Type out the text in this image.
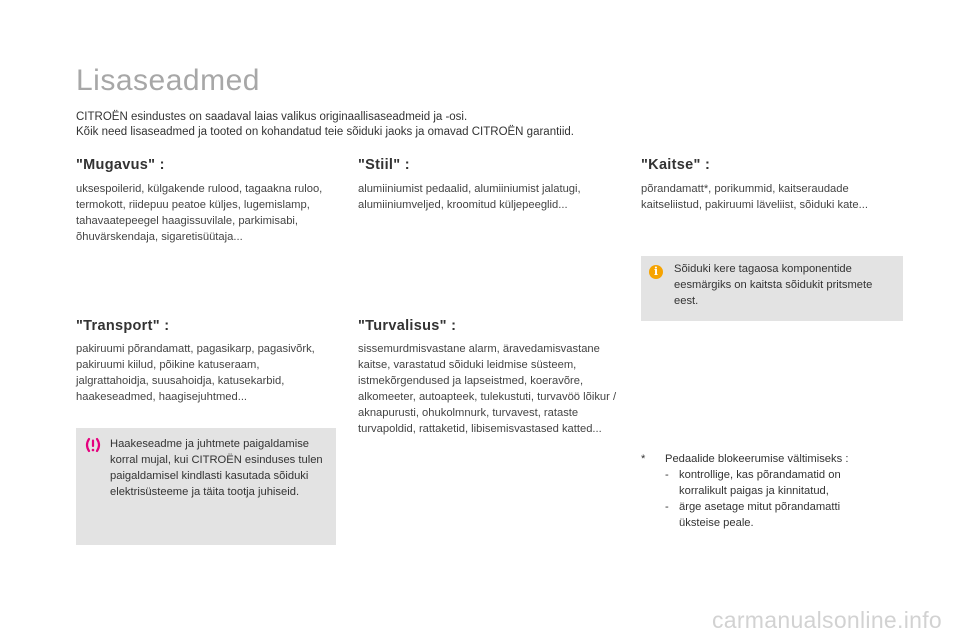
Lisaseadmed
CITROËN esindustes on saadaval laias valikus originaallisaseadmeid ja -osi.
Kõik need lisaseadmed ja tooted on kohandatud teie sõiduki jaoks ja omavad CITROËN garantiid.
"Mugavus" :

uksespoilerid, külgakende rulood, tagaakna ruloo, termokott, riidepuu peatoe küljes, lugemislamp, tahavaatepeegel haagissuvilale, parkimisabi, õhuvärskendaja, sigaretisüütaja...

"Transport" :

pakiruumi põrandamatt, pagasikarp, pagasivõrk, pakiruumi kiilud, põikine katuseraam, jalgrattahoidja, suusahoidja, katusekarbid, haakeseadmed, haagisejuhtmed...

Haakeseadme ja juhtmete paigaldamise korral mujal, kui CITROËN esinduses tulen paigaldamisel kindlasti kasutada sõiduki elektrisüsteeme ja täita tootja juhiseid.
"Stiil" :

alumiiniumist pedaalid, alumiiniumist jalatugi, alumiiniumveljed, kroomitud küljepeeglid...

"Turvalisus" :

sissemurdmisvastane alarm, äravedamisvastane kaitse, varastatud sõiduki leidmise süsteem, istmekõrgendused ja lapseistmed, koeravõre, alkomeeter, autoapteek, tulekustuti, turvavöö lõikur / aknapurusti, ohukolmnurk, turvavest, rataste turvapoldid, rattaketid, libisemisvastased katted...

"Kaitse" :

põrandamatt*, porikummid, kaitseraudade kaitseliistud, pakiruumi läveliist, sõiduki kate...

i	Sõiduki kere tagaosa komponentide eesmärgiks on kaitsta sõidukit pritsmete eest.
*	Pedaalide blokeerumise vältimiseks :
- kontrollige, kas põrandamatid on
korralikult paigas ja kinnitatud,
- ärge asetage mitut põrandamatti
üksteise peale.
carmanualsonline.info
